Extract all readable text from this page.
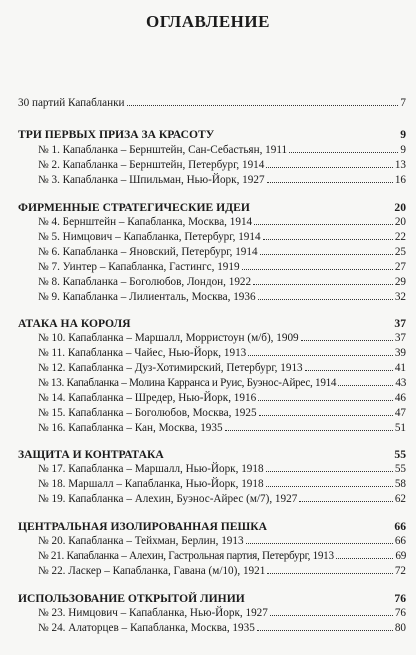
ОГЛАВЛЕНИЕ
30 партий Капабланки	7
ТРИ ПЕРВЫХ ПРИЗА ЗА КРАСОТУ	9
№ 1. Капабланка – Бернштейн, Сан-Себастьян, 1911	9
№ 2. Капабланка – Бернштейн, Петербург, 1914	13
№ 3. Капабланка – Шпильман, Нью-Йорк, 1927	16
ФИРМЕННЫЕ СТРАТЕГИЧЕСКИЕ ИДЕИ	20
№ 4. Бернштейн – Капабланка, Москва, 1914	20
№ 5. Нимцович – Капабланка, Петербург, 1914	22
№ 6. Капабланка – Яновский, Петербург, 1914	25
№ 7. Уинтер – Капабланка, Гастингс, 1919	27
№ 8. Капабланка – Боголюбов, Лондон, 1922	29
№ 9. Капабланка – Лилиенталь, Москва, 1936	32
АТАКА НА КОРОЛЯ	37
№ 10. Капабланка – Маршалл, Морристоун (м/б), 1909	37
№ 11. Капабланка – Чайес, Нью-Йорк, 1913	39
№ 12. Капабланка – Дуз-Хотимирский, Петербург, 1913	41
№ 13. Капабланка – Молина Карранса и Руис, Буэнос-Айрес, 1914	43
№ 14. Капабланка – Шредер, Нью-Йорк, 1916	46
№ 15. Капабланка – Боголюбов, Москва, 1925	47
№ 16. Капабланка – Кан, Москва, 1935	51
ЗАЩИТА И КОНТРАТАКА	55
№ 17. Капабланка – Маршалл, Нью-Йорк, 1918	55
№ 18. Маршалл – Капабланка, Нью-Йорк, 1918	58
№ 19. Капабланка – Алехин, Буэнос-Айрес (м/7), 1927	62
ЦЕНТРАЛЬНАЯ ИЗОЛИРОВАННАЯ ПЕШКА	66
№ 20. Капабланка – Тейхман, Берлин, 1913	66
№ 21. Капабланка – Алехин, Гастрольная партия, Петербург, 1913	69
№ 22. Ласкер – Капабланка, Гавана (м/10), 1921	72
ИСПОЛЬЗОВАНИЕ ОТКРЫТОЙ ЛИНИИ	76
№ 23. Нимцович – Капабланка, Нью-Йорк, 1927	76
№ 24. Алаторцев – Капабланка, Москва, 1935	80
